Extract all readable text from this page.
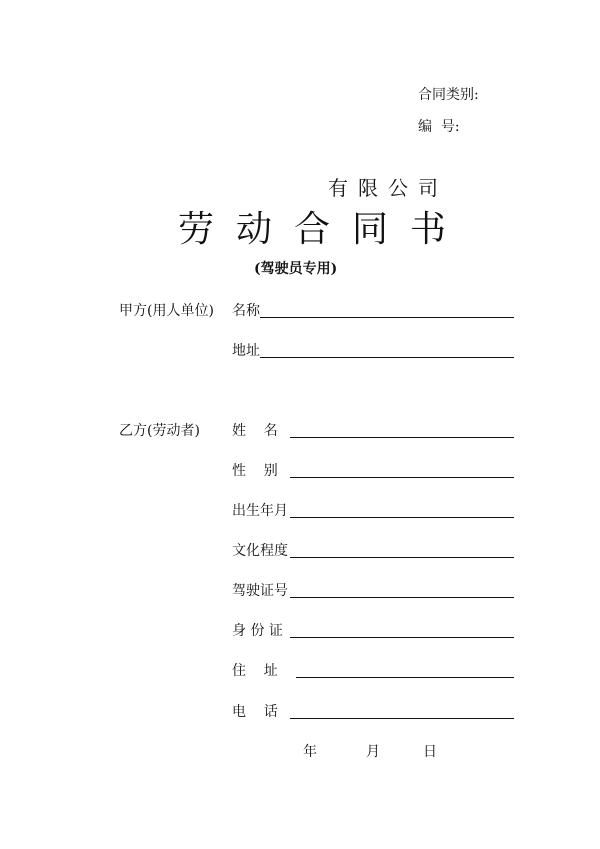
合同类别:
编  号:
有限公司
劳动合同书
(驾驶员专用)
甲方(用人单位) 名称
地址
乙方(劳动者) 姓    名
性    别
出生年月
文化程度
驾驶证号
身 份 证
住    址
电    话
年	月	日
